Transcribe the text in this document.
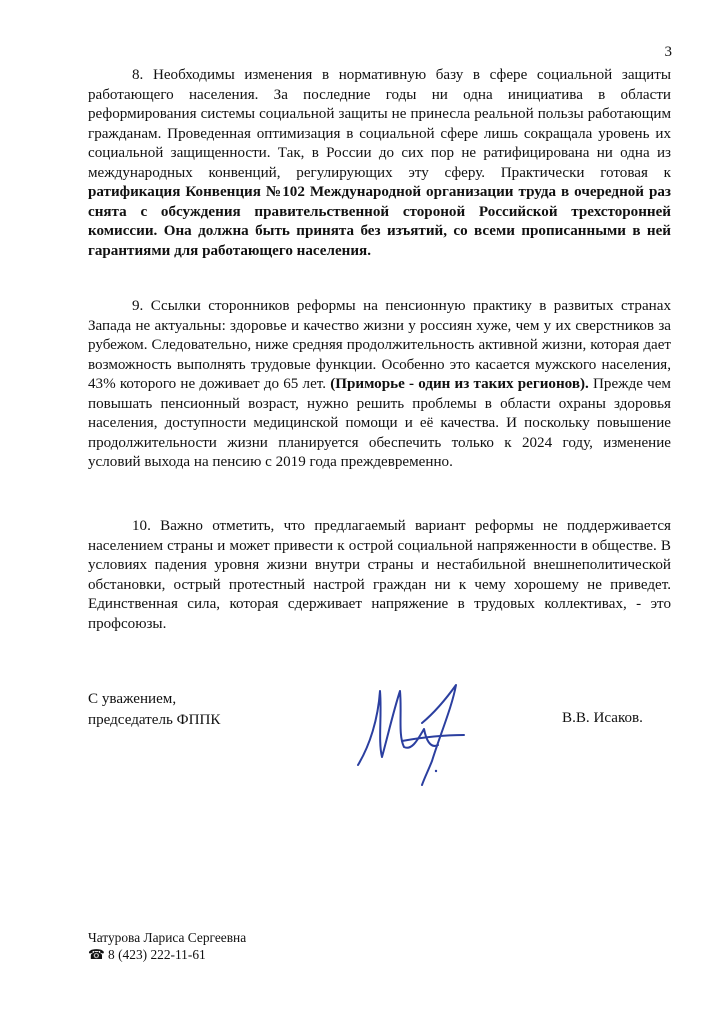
3

8. Необходимы изменения в нормативную базу в сфере социальной защиты работающего населения. За последние годы ни одна инициатива в области реформирования системы социальной защиты не принесла реальной пользы работающим гражданам. Проведенная оптимизация в социальной сфере лишь сокращала уровень их социальной защищенности. Так, в России до сих пор не ратифицирована ни одна из международных конвенций, регулирующих эту сферу. Практически готовая к ратификация Конвенция №102 Международной организации труда в очередной раз снята с обсуждения правительственной стороной Российской трехсторонней комиссии. Она должна быть принята без изъятий, со всеми прописанными в ней гарантиями для работающего населения.

9. Ссылки сторонников реформы на пенсионную практику в развитых странах Запада не актуальны: здоровье и качество жизни у россиян хуже, чем у их сверстников за рубежом. Следовательно, ниже средняя продолжительность активной жизни, которая дает возможность выполнять трудовые функции. Особенно это касается мужского населения, 43% которого не доживает до 65 лет. (Приморье - один из таких регионов). Прежде чем повышать пенсионный возраст, нужно решить проблемы в области охраны здоровья населения, доступности медицинской помощи и её качества. И поскольку повышение продолжительности жизни планируется обеспечить только к 2024 году, изменение условий выхода на пенсию с 2019 года преждевременно.

10. Важно отметить, что предлагаемый вариант реформы не поддерживается населением страны и может привести к острой социальной напряженности в обществе. В условиях падения уровня жизни внутри страны и нестабильной внешнеполитической обстановки, острый протестный настрой граждан ни к чему хорошему не приведет. Единственная сила, которая сдерживает напряжение в трудовых коллективах, - это профсоюзы.

С уважением,
председатель ФППК	В.В. Исаков.
Чатурова Лариса Сергеевна
☎ 8 (423) 222-11-61
